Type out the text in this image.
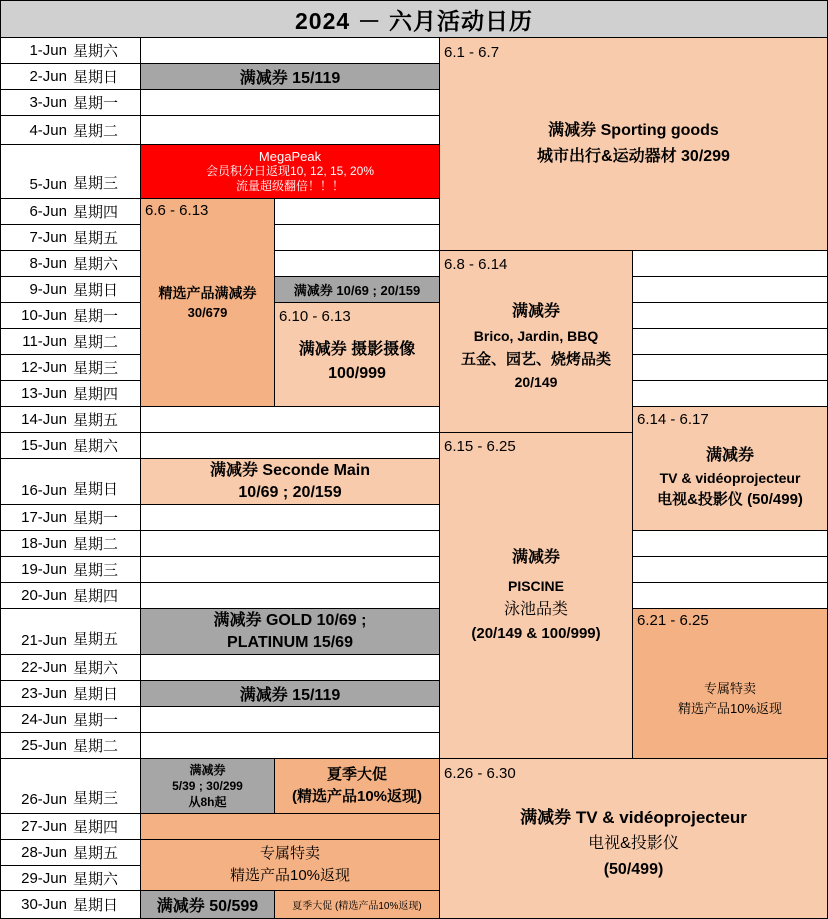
2024 － 六月活动日历
1-Jun 星期六
2-Jun 星期日
3-Jun 星期一
4-Jun 星期二
5-Jun 星期三
6-Jun 星期四
7-Jun 星期五
8-Jun 星期六
9-Jun 星期日
10-Jun 星期一
11-Jun 星期二
12-Jun 星期三
13-Jun 星期四
14-Jun 星期五
15-Jun 星期六
16-Jun 星期日
17-Jun 星期一
18-Jun 星期二
19-Jun 星期三
20-Jun 星期四
21-Jun 星期五
22-Jun 星期六
23-Jun 星期日
24-Jun 星期一
25-Jun 星期二
26-Jun 星期三
27-Jun 星期四
28-Jun 星期五
29-Jun 星期六
30-Jun 星期日
满减券 15/119
MegaPeak
会员积分日返现10, 12, 15, 20%
流量超级翻倍！！！
6.6 - 6.13
精选产品满减券
30/679
满减券 10/69 ; 20/159
6.10 - 6.13
满减券 摄影摄像
100/999
满减券 Seconde Main
10/69 ; 20/159
满减券 GOLD 10/69 ;
PLATINUM 15/69
满减券 15/119
满减券
5/39 ; 30/299
从8h起
夏季大促
(精选产品10%返现)
专属特卖
精选产品10%返现
满减券 50/599	夏季大促 (精选产品10%返现)
6.1 - 6.7
满减券 Sporting goods
城市出行&运动器材 30/299
6.8 - 6.14
满减券
Brico, Jardin, BBQ
五金、园艺、烧烤品类
20/149
6.14 - 6.17
满减券
TV & vidéoprojecteur
电视&投影仪 (50/499)
6.15 - 6.25
满减券
PISCINE
泳池品类
(20/149 & 100/999)
6.21 - 6.25
专属特卖
精选产品10%返现
6.26 - 6.30
满减券 TV & vidéoprojecteur
电视&投影仪
(50/499)
